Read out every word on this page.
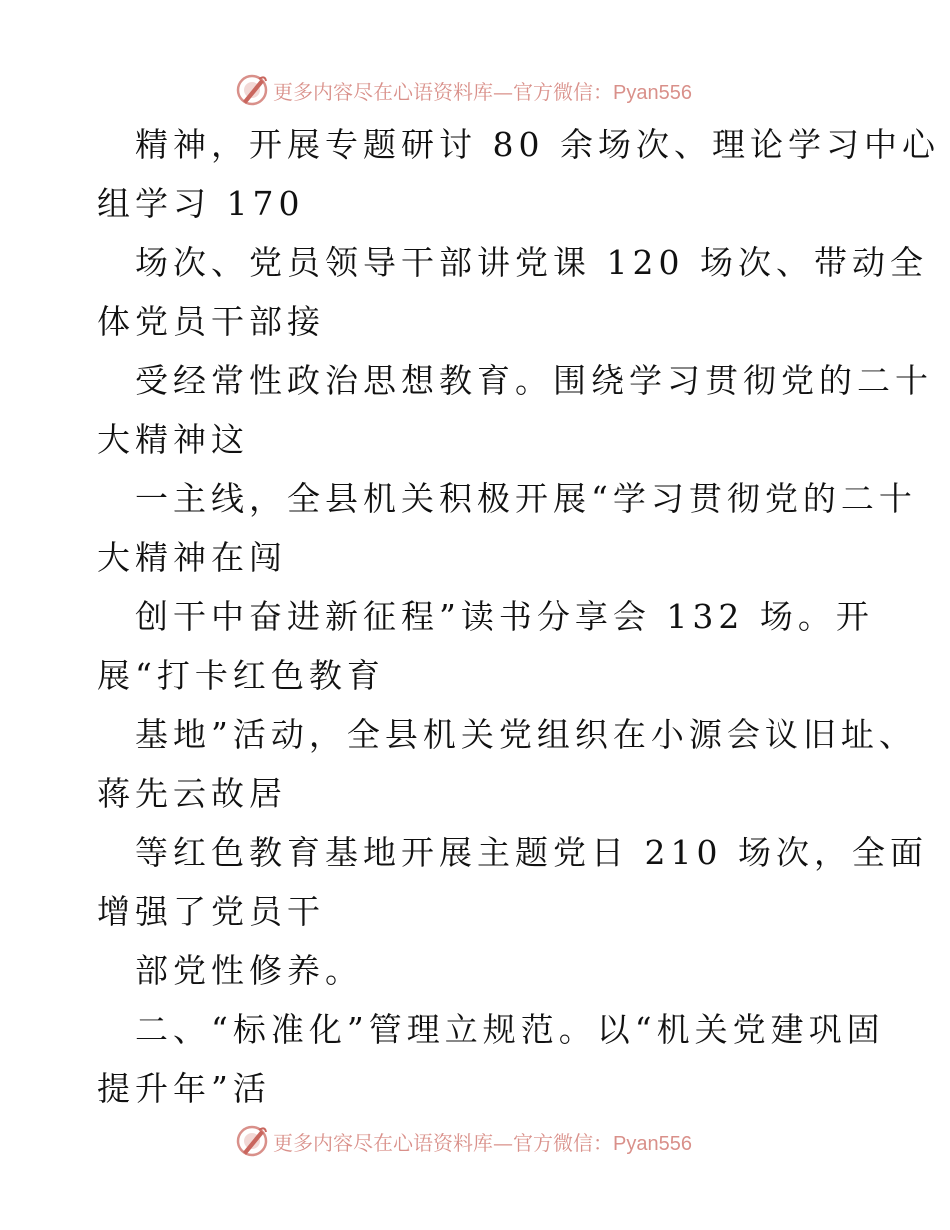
更多内容尽在心语资料库—官方微信：Pyan556
精神，开展专题研讨 80 余场次、理论学习中心
组学习 170
场次、党员领导干部讲党课 120 场次、带动全
体党员干部接
受经常性政治思想教育。围绕学习贯彻党的二十
大精神这
一主线，全县机关积极开展“学习贯彻党的二十
大精神在闯
创干中奋进新征程”读书分享会 132 场。开
展“打卡红色教育
基地”活动，全县机关党组织在小源会议旧址、
蒋先云故居
等红色教育基地开展主题党日 210 场次，全面
增强了党员干
部党性修养。
二、“标准化”管理立规范。以“机关党建巩固
提升年”活
更多内容尽在心语资料库—官方微信：Pyan556
